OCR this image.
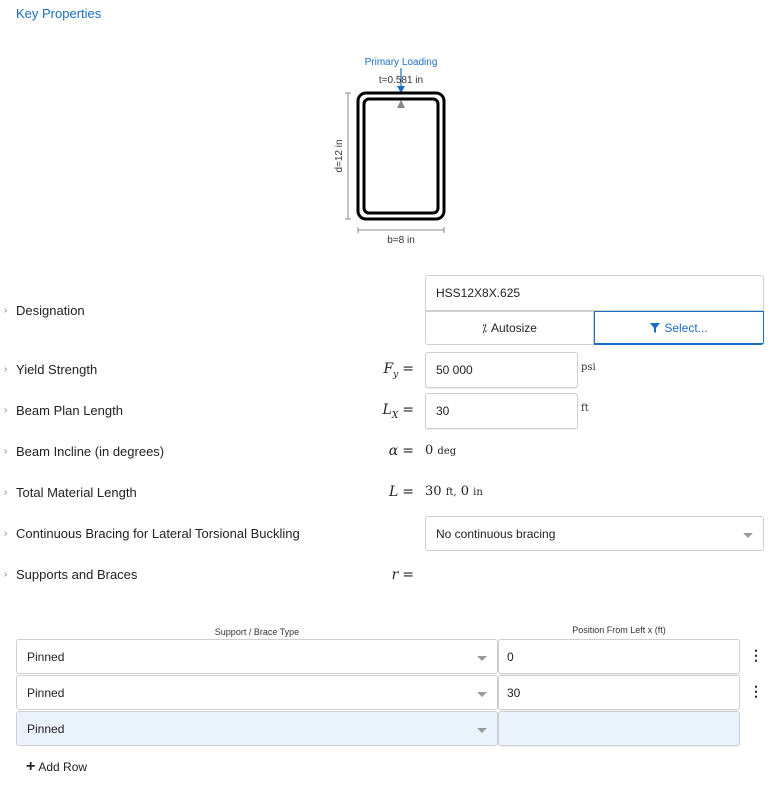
Key Properties
Primary Loading
t=0.581 in
d=12 in
b=8 in
› Designation
HSS12X8X.625
⁒ Autosize	Select...
› Yield Strength	$F_y = 50$ 000	psi
› Beam Plan Length	$L_X = 30$	ft
› Beam Incline (in degrees)	α = 0 deg
› Total Material Length	L = 30 ft, 0 in
› Continuous Bracing for Lateral Torsional Buckling	No continuous bracing
› Supports and Braces	r =
Support / Brace Type	Position From Left x (ft)
Pinned	0	⋮
Pinned	30	⋮
Pinned
+ Add Row
